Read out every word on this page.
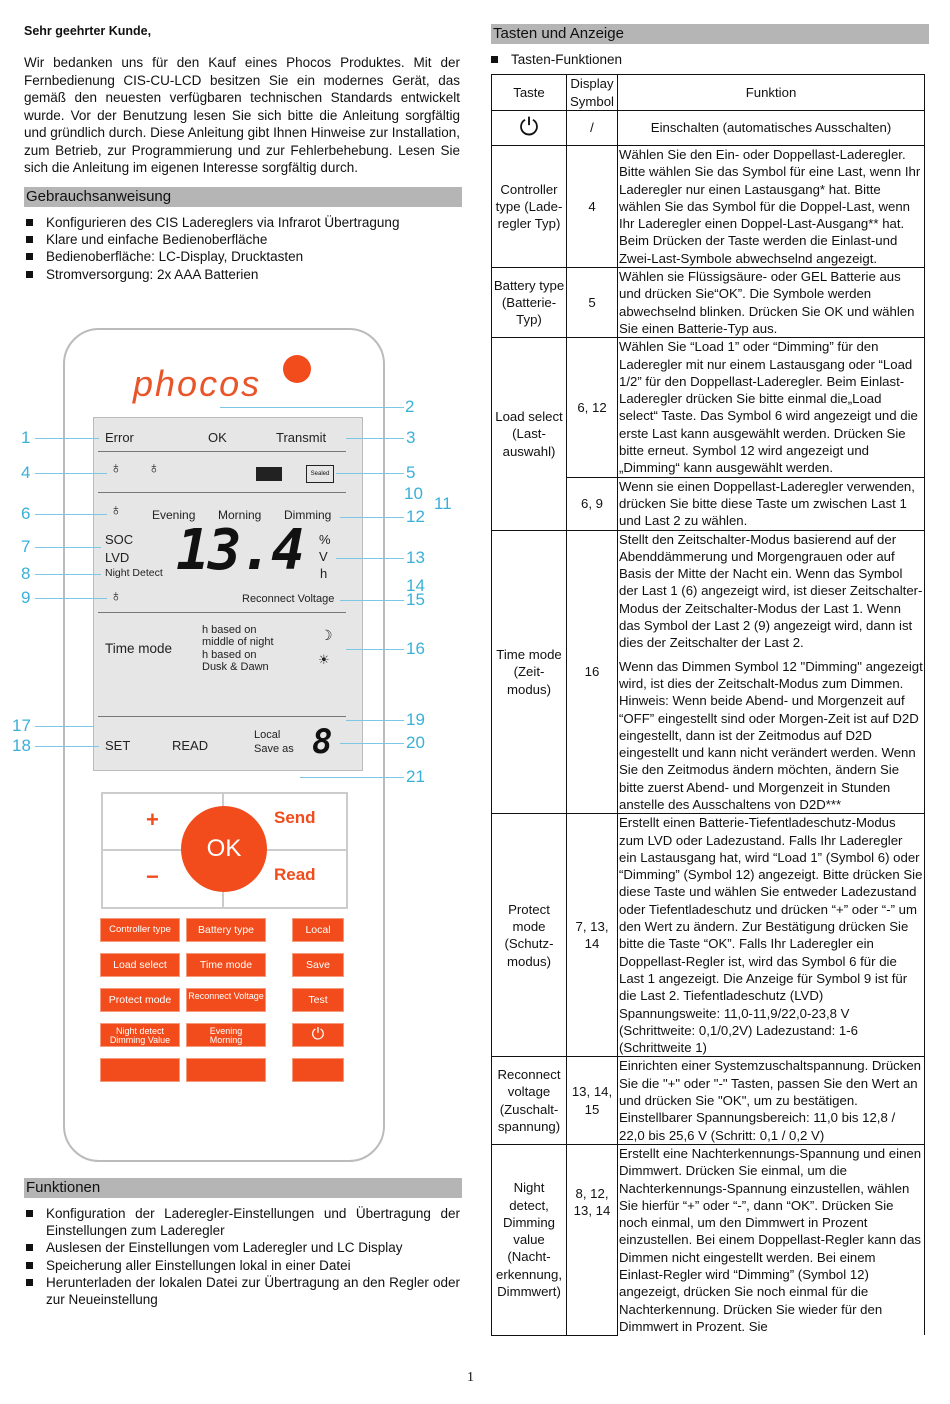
Sehr geehrter Kunde,
Wir bedanken uns für den Kauf eines Phocos Produktes. Mit der Fernbedienung CIS-CU-LCD besitzen Sie ein modernes Gerät, das gemäß den neuesten verfügbaren technischen Standards entwickelt wurde. Vor der Benutzung lesen Sie sich bitte die Anleitung sorgfältig und gründlich durch. Diese Anleitung gibt Ihnen Hinweise zur Installation, zum Betrieb, zur Programmierung und zur Fehlerbehebung. Lesen Sie sich die Anleitung im eigenen Interesse sorgfältig durch.
Gebrauchsanweisung
Konfigurieren des CIS Ladereglers via Infrarot Übertragung
Klare und einfache Bedienoberfläche
Bedienoberfläche: LC-Display, Drucktasten
Stromversorgung: 2x AAA Batterien
phocos
Error	OK	Transmit
♁ ♁	Sealed
♁	Evening Morning Dimming
SOC
LVD
Night Detect 13.4 %
V
h
♁	Reconnect Voltage
Time mode
h based on
middle of night
h based on
Dusk & Dawn
☽
☀
SET	READ
Local
Save as 8
1
2
3
4	5
10
11
6	12
7
13
8
14
9	15
16
17
18
19
20
21
+
−
Send
Read
OK
Controller type	Battery type	Local
Load select	Time mode	Save
Protect mode	Reconnect Voltage	Test
Night detect Dimming Value
Evening Morning	⏻
Funktionen
Konfiguration der Laderegler-Einstellungen und Übertragung der Einstellungen zum Laderegler
Auslesen der Einstellungen vom Laderegler und LC Display
Speicherung aller Einstellungen lokal in einer Datei
Herunterladen der lokalen Datei zur Übertragung an den Regler oder zur Neueinstellung
Tasten und Anzeige
Tasten-Funktionen
Taste	Display Symbol	Funktion
⏻	/	Einschalten (automatisches Ausschalten)
Controller type (Lade-regler Typ)	4	Wählen Sie den Ein- oder Doppellast-Laderegler. Bitte wählen Sie das Symbol für eine Last, wenn Ihr Laderegler nur einen Lastausgang* hat. Bitte wählen Sie das Symbol für die Doppel-Last, wenn Ihr Laderegler einen Doppel-Last-Ausgang** hat. Beim Drücken der Taste werden die Einlast-und Zwei-Last-Symbole abwechselnd angezeigt.
Battery type (Batterie-Typ)	5	Wählen sie Flüssigsäure- oder GEL Batterie aus und drücken Sie“OK”. Die Symbole werden abwechselnd blinken. Drücken Sie OK und wählen Sie einen Batterie-Typ aus.
Load select (Last-auswahl)	6, 12	Wählen Sie “Load 1” oder “Dimming” für den Laderegler mit nur einem Lastausgang oder “Load 1/2” für den Doppellast-Laderegler. Beim Einlast-Laderegler drücken Sie bitte einmal die„Load select“ Taste. Das Symbol 6 wird angezeigt und die erste Last kann ausgewählt werden. Drücken Sie bitte erneut. Symbol 12 wird angezeigt und „Dimming“ kann ausgewählt werden.
	6, 9	Wenn sie einen Doppellast-Laderegler verwenden, drücken Sie bitte diese Taste um zwischen Last 1 und Last 2 zu wählen.
Time mode (Zeit-modus)	16	Stellt den Zeitschalter-Modus basierend auf der Abenddämmerung und Morgengrauen oder auf Basis der Mitte der Nacht ein. Wenn das Symbol der Last 1 (6) angezeigt wird, ist dieser Zeitschalter-Modus der Zeitschalter-Modus der Last 1. Wenn das Symbol der Last 2 (9) angezeigt wird, dann ist dies der Zeitschalter der Last 2.
Wenn das Dimmen Symbol 12 "Dimming" angezeigt wird, ist dies der Zeitschalt-Modus zum Dimmen. Hinweis: Wenn beide Abend- und Morgenzeit auf “OFF” eingestellt sind oder Morgen-Zeit ist auf D2D eingestellt, dann ist der Zeitmodus auf D2D eingestellt und kann nicht verändert werden. Wenn Sie den Zeitmodus ändern möchten, ändern Sie bitte zuerst Abend- und Morgenzeit in Stunden anstelle des Ausschaltens von D2D***

Protect mode (Schutz-modus)	7, 13, 14	Erstellt einen Batterie-Tiefentladeschutz-Modus zum LVD oder Ladezustand. Falls Ihr Laderegler ein Lastausgang hat, wird “Load 1” (Symbol 6) oder “Dimming” (Symbol 12) angezeigt. Bitte drücken Sie diese Taste und wählen Sie entweder Ladezustand oder Tiefentladeschutz und drücken “+” oder “-” um den Wert zu ändern. Zur Bestätigung drücken Sie bitte die Taste “OK”. Falls Ihr Laderegler ein Doppellast-Regler ist, wird das Symbol 6 für die Last 1 angezeigt. Die Anzeige für Symbol 9 ist für die Last 2. Tiefentladeschutz (LVD) Spannungsweite: 11,0-11,9/22,0-23,8 V (Schrittweite: 0,1/0,2V) Ladezustand: 1-6 (Schrittweite 1)
Reconnect voltage (Zuschalt-spannung)	13, 14, 15	Einrichten einer Systemzuschaltspannung. Drücken Sie die "+" oder "-" Tasten, passen Sie den Wert an und drücken Sie "OK", um zu bestätigen. Einstellbarer Spannungsbereich: 11,0 bis 12,8 / 22,0 bis 25,6 V (Schritt: 0,1 / 0,2 V)
Night detect, Dimming value (Nacht-erkennung, Dimmwert)	8, 12, 13, 14	Erstellt eine Nachterkennungs-Spannung und einen Dimmwert. Drücken Sie einmal, um die Nachterkennungs-Spannung einzustellen, wählen Sie hierfür “+” oder “-”, dann “OK”. Drücken Sie noch einmal, um den Dimmwert in Prozent einzustellen. Bei einem Doppellast-Regler kann das Dimmen nicht eingestellt werden. Bei einem Einlast-Regler wird “Dimming” (Symbol 12) angezeigt, drücken Sie noch einmal für die Nachterkennung. Drücken Sie wieder für den Dimmwert in Prozent. Sie
1
